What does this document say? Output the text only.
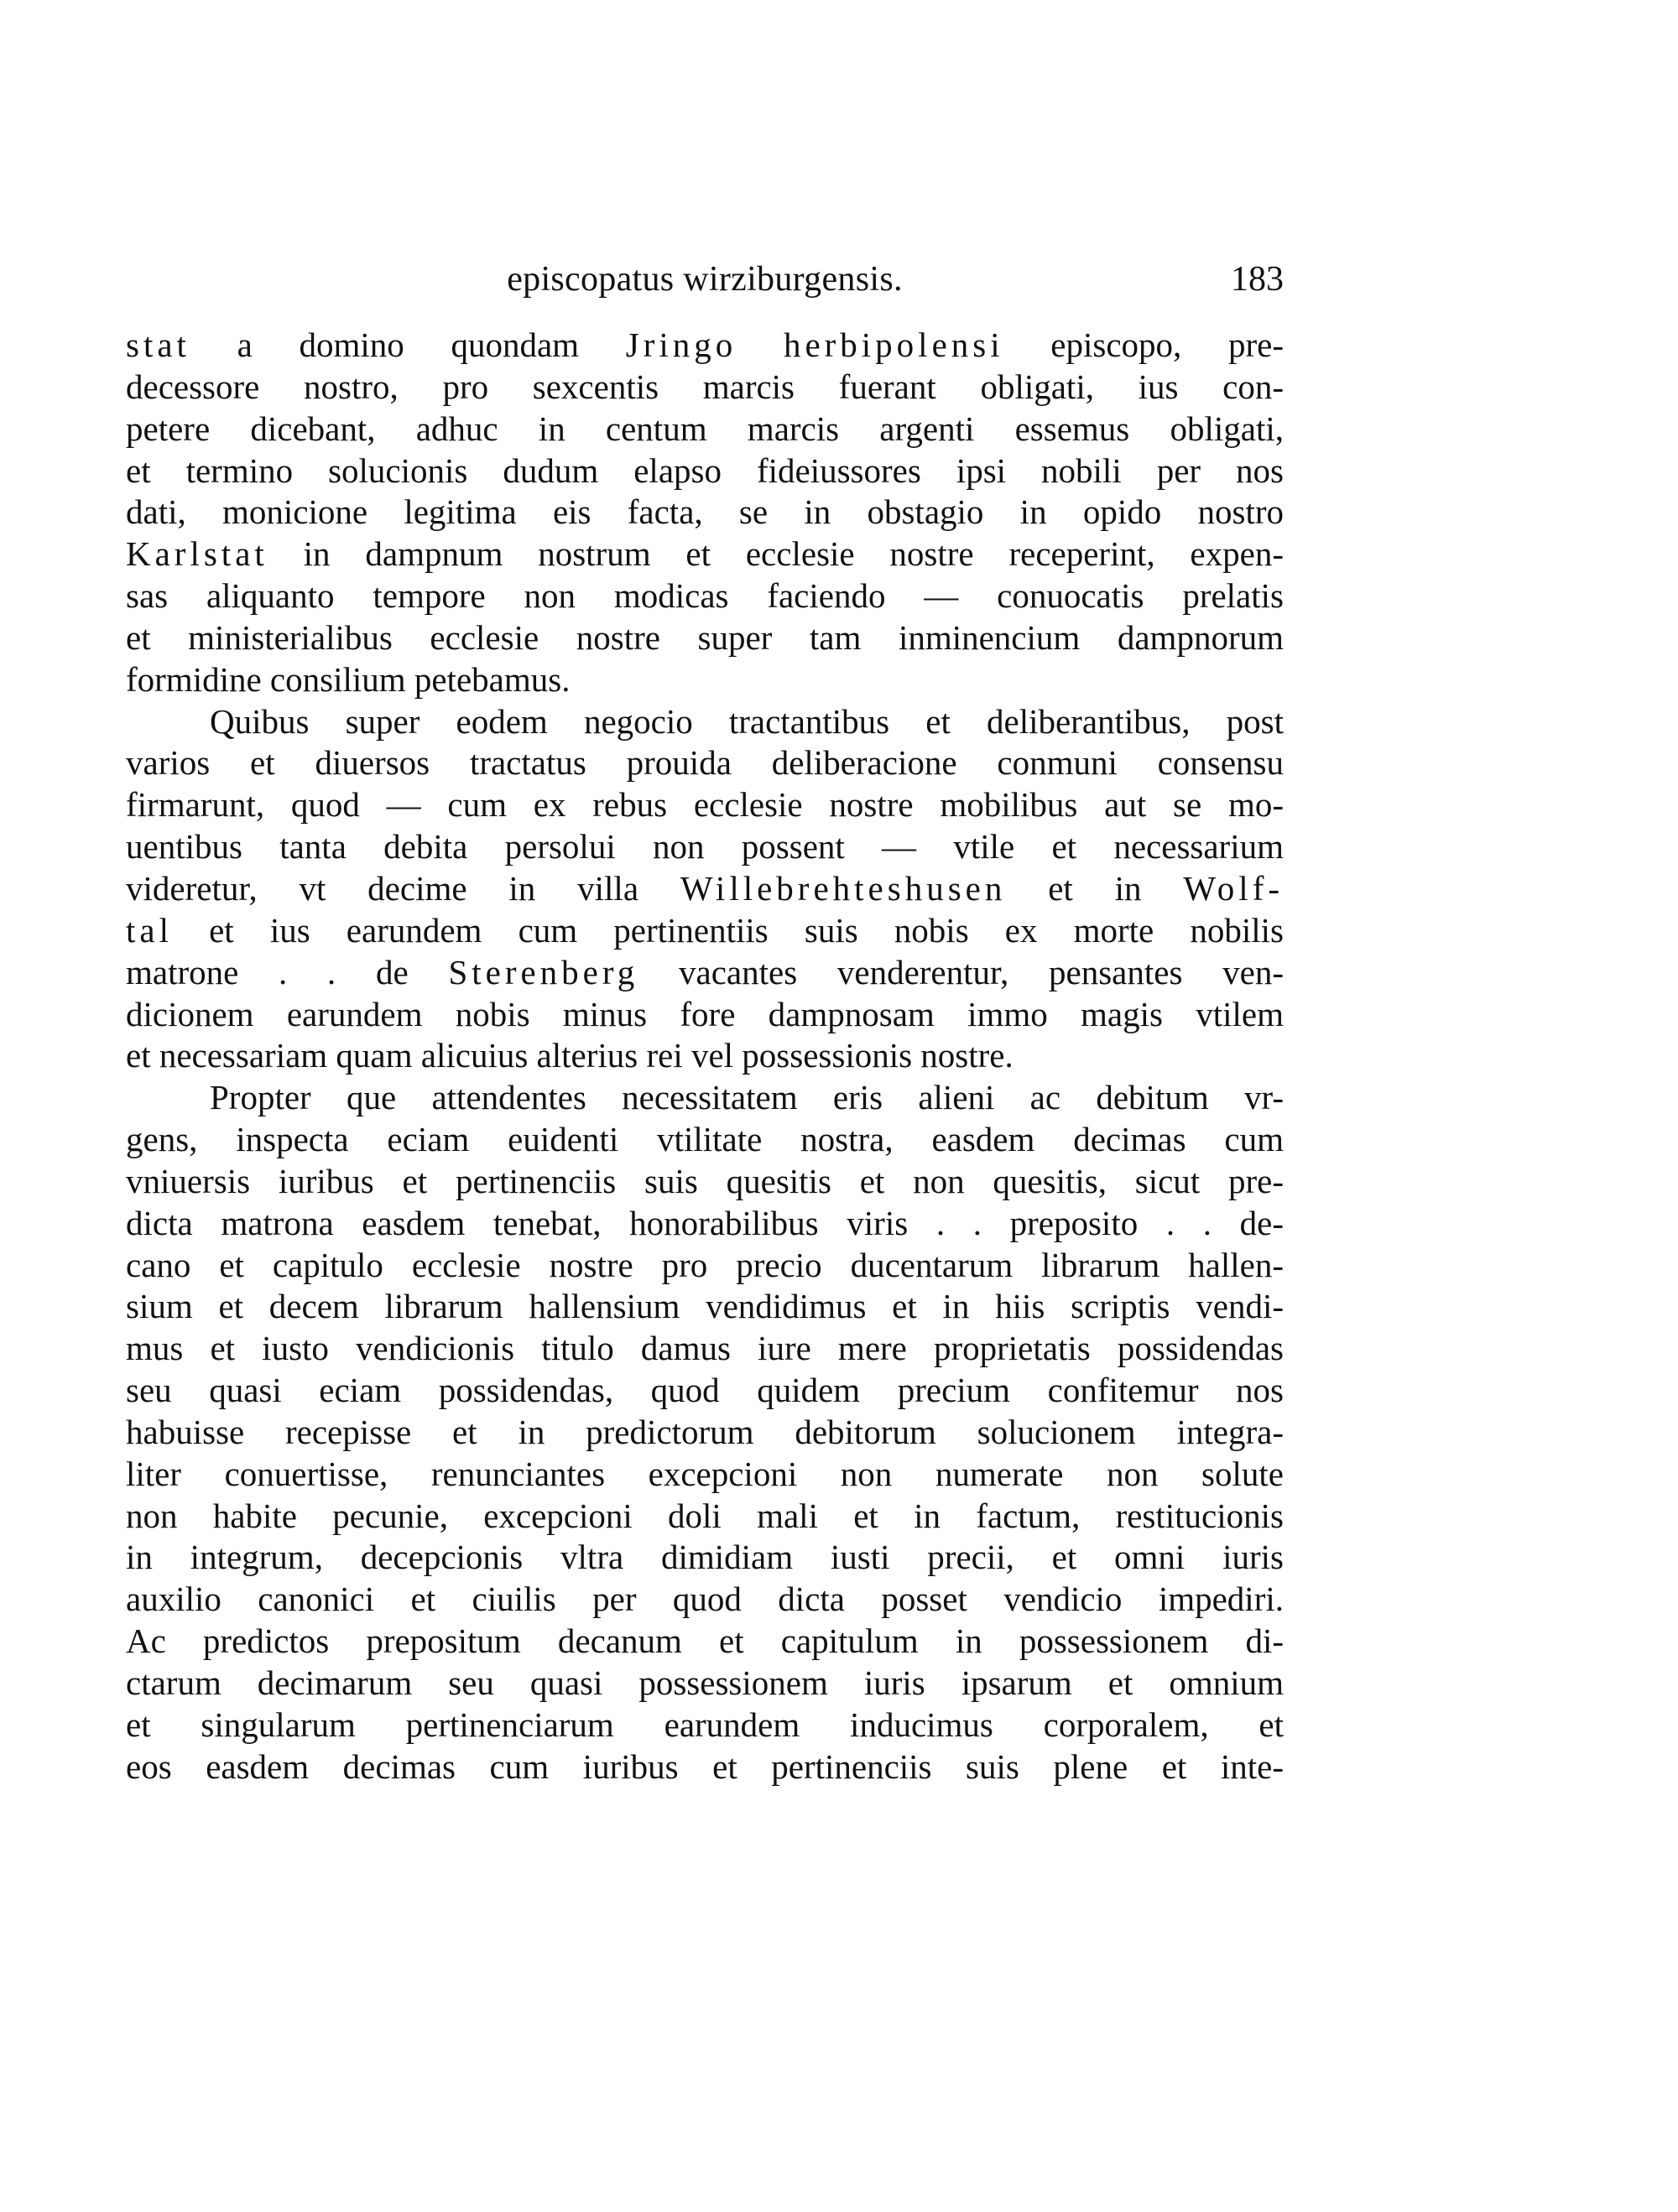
episcopatus wirziburgensis.	183
stat a domino quondam Jringo herbipolensi episcopo, pre-
decessore nostro, pro sexcentis marcis fuerant obligati, ius con-
petere dicebant, adhuc in centum marcis argenti essemus obligati,
et termino solucionis dudum elapso fideiussores ipsi nobili per nos
dati, monicione legitima eis facta, se in obstagio in opido nostro
Karlstat in dampnum nostrum et ecclesie nostre receperint, expen-
sas aliquanto tempore non modicas faciendo — conuocatis prelatis
et ministerialibus ecclesie nostre super tam inminencium dampnorum
formidine consilium petebamus.
Quibus super eodem negocio tractantibus et deliberantibus, post
varios et diuersos tractatus prouida deliberacione conmuni consensu
firmarunt, quod — cum ex rebus ecclesie nostre mobilibus aut se mo-
uentibus tanta debita persolui non possent — vtile et necessarium
videretur, vt decime in villa Willebrehteshusen et in Wolf-
tal et ius earundem cum pertinentiis suis nobis ex morte nobilis
matrone . . de Sterenberg vacantes venderentur, pensantes ven-
dicionem earundem nobis minus fore dampnosam immo magis vtilem
et necessariam quam alicuius alterius rei vel possessionis nostre.
Propter que attendentes necessitatem eris alieni ac debitum vr-
gens, inspecta eciam euidenti vtilitate nostra, easdem decimas cum
vniuersis iuribus et pertinenciis suis quesitis et non quesitis, sicut pre-
dicta matrona easdem tenebat, honorabilibus viris . . preposito . . de-
cano et capitulo ecclesie nostre pro precio ducentarum librarum hallen-
sium et decem librarum hallensium vendidimus et in hiis scriptis vendi-
mus et iusto vendicionis titulo damus iure mere proprietatis possidendas
seu quasi eciam possidendas, quod quidem precium confitemur nos
habuisse recepisse et in predictorum debitorum solucionem integra-
liter conuertisse, renunciantes excepcioni non numerate non solute
non habite pecunie, excepcioni doli mali et in factum, restitucionis
in integrum, decepcionis vltra dimidiam iusti precii, et omni iuris
auxilio canonici et ciuilis per quod dicta posset vendicio impediri.
Ac predictos prepositum decanum et capitulum in possessionem di-
ctarum decimarum seu quasi possessionem iuris ipsarum et omnium
et singularum pertinenciarum earundem inducimus corporalem, et
eos easdem decimas cum iuribus et pertinenciis suis plene et inte-
